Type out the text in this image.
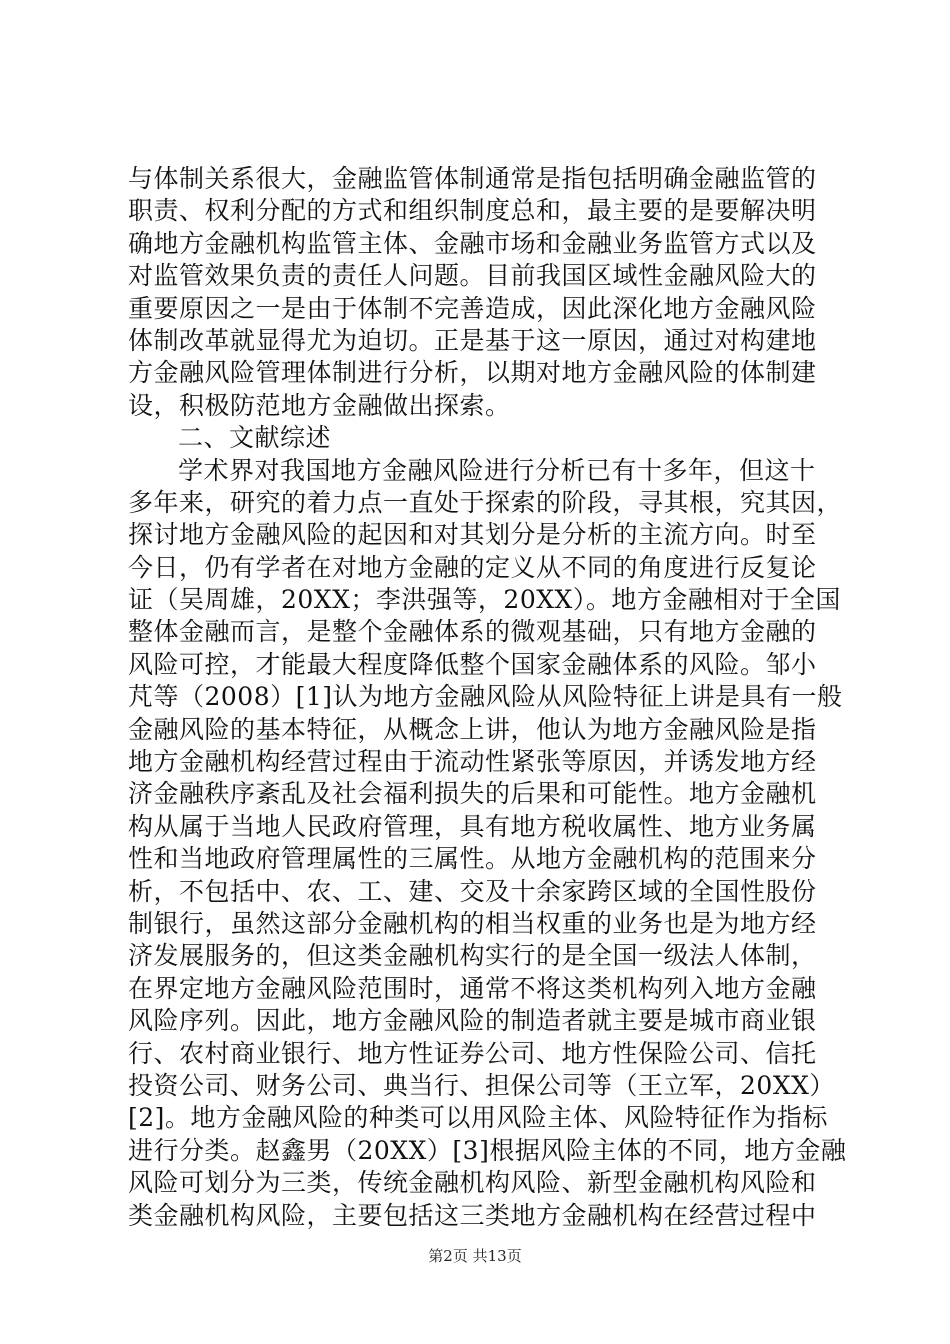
与体制关系很大，金融监管体制通常是指包括明确金融监管的
职责、权利分配的方式和组织制度总和，最主要的是要解决明
确地方金融机构监管主体、金融市场和金融业务监管方式以及
对监管效果负责的责任人问题。目前我国区域性金融风险大的
重要原因之一是由于体制不完善造成，因此深化地方金融风险
体制改革就显得尤为迫切。正是基于这一原因，通过对构建地
方金融风险管理体制进行分析，以期对地方金融风险的体制建
设，积极防范地方金融做出探索。
二、文献综述
学术界对我国地方金融风险进行分析已有十多年，但这十
多年来，研究的着力点一直处于探索的阶段，寻其根，究其因，
探讨地方金融风险的起因和对其划分是分析的主流方向。时至
今日，仍有学者在对地方金融的定义从不同的角度进行反复论
证（吴周雄，20XX；李洪强等，20XX）。地方金融相对于全国
整体金融而言，是整个金融体系的微观基础，只有地方金融的
风险可控，才能最大程度降低整个国家金融体系的风险。邹小
芃等（2008）[1]认为地方金融风险从风险特征上讲是具有一般
金融风险的基本特征，从概念上讲，他认为地方金融风险是指
地方金融机构经营过程由于流动性紧张等原因，并诱发地方经
济金融秩序紊乱及社会福利损失的后果和可能性。地方金融机
构从属于当地人民政府管理，具有地方税收属性、地方业务属
性和当地政府管理属性的三属性。从地方金融机构的范围来分
析，不包括中、农、工、建、交及十余家跨区域的全国性股份
制银行，虽然这部分金融机构的相当权重的业务也是为地方经
济发展服务的，但这类金融机构实行的是全国一级法人体制，
在界定地方金融风险范围时，通常不将这类机构列入地方金融
风险序列。因此，地方金融风险的制造者就主要是城市商业银
行、农村商业银行、地方性证券公司、地方性保险公司、信托
投资公司、财务公司、典当行、担保公司等（王立军，20XX）
[2]。地方金融风险的种类可以用风险主体、风险特征作为指标
进行分类。赵鑫男（20XX）[3]根据风险主体的不同，地方金融
风险可划分为三类，传统金融机构风险、新型金融机构风险和
类金融机构风险，主要包括这三类地方金融机构在经营过程中
第2页 共13页
